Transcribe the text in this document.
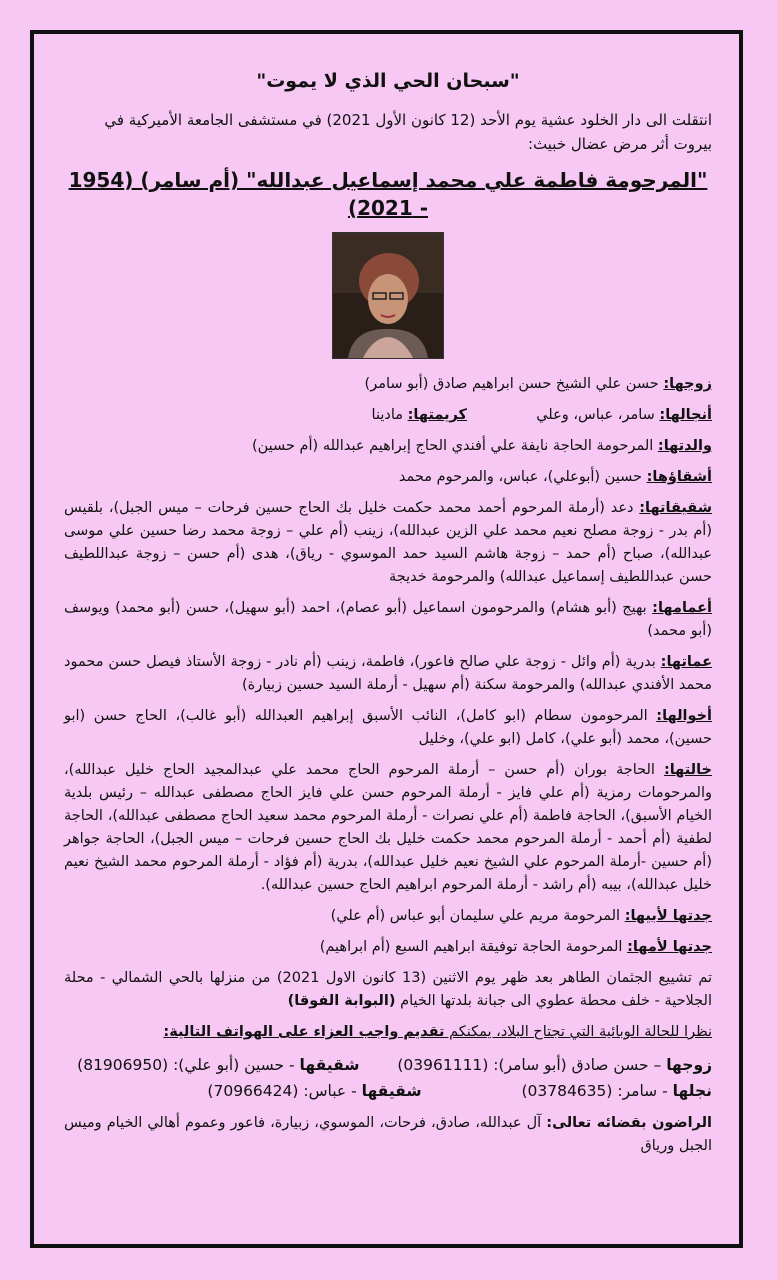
"سبحان الحي الذي لا يموت"

انتقلت الى دار الخلود عشية يوم الأحد (12 كانون الأول 2021) في مستشفى الجامعة الأميركية في بيروت أثر مرض عضال خبيث:

"المرحومة فاطمة علي محمد إسماعيل عبدالله" (أم سامر) (1954 - 2021)

زوجها: حسن علي الشيخ حسن ابراهيم صادق (أبو سامر)

أنجالها: سامر، عباس، وعلي  كريمتها: مادينا

والدتها: المرحومة الحاجة نايفة علي أفندي الحاج إبراهيم عبدالله (أم حسين)

أشقاؤها: حسين (أبوعلي)، عباس، والمرحوم محمد

شقيقاتها: دعد (أرملة المرحوم أحمد محمد حكمت خليل بك الحاج حسين فرحات – ميس الجبل)، بلقيس (أم بدر - زوجة مصلح نعيم محمد علي الزين عبدالله)، زينب (أم علي – زوجة محمد رضا حسين علي موسى عبدالله)، صباح (أم حمد – زوجة هاشم السيد حمد الموسوي - رياق)، هدى (أم حسن – زوجة عبداللطيف حسن عبداللطيف إسماعيل عبدالله) والمرحومة خديجة

أعمامها: بهيج (أبو هشام) والمرحومون اسماعيل (أبو عصام)، احمد (أبو سهيل)، حسن (أبو محمد) ويوسف (أبو محمد)

عماتها: بدرية (أم وائل - زوجة علي صالح فاعور)، فاطمة، زينب (أم نادر - زوجة الأستاذ فيصل حسن محمود محمد الأفندي عبدالله) والمرحومة سكنة (أم سهيل - أرملة السيد حسين زبيارة)

أخوالها: المرحومون سطام (ابو كامل)، النائب الأسبق إبراهيم العبدالله (أبو غالب)، الحاج حسن (ابو حسين)، محمد (أبو علي)، كامل (ابو علي)، وخليل

خالتها: الحاجة بوران (أم حسن – أرملة المرحوم الحاج محمد علي عبدالمجيد الحاج خليل عبدالله)، والمرحومات رمزية (أم علي فايز - أرملة المرحوم حسن علي فايز الحاج مصطفى عبدالله – رئيس بلدية الخيام الأسبق)، الحاجة فاطمة (أم علي نصرات - أرملة المرحوم محمد سعيد الحاج مصطفى عبدالله)، الحاجة لطفية (أم أحمد - أرملة المرحوم محمد حكمت خليل بك الحاج حسين فرحات – ميس الجبل)، الحاجة جواهر (أم حسين -أرملة المرحوم علي الشيخ نعيم خليل عبدالله)، بدرية (أم فؤاد - أرملة المرحوم محمد الشيخ نعيم خليل عبدالله)، بيبه (أم راشد - أرملة المرحوم ابراهيم الحاج حسين عبدالله).

جدتها لأبيها: المرحومة مريم علي سليمان أبو عباس (أم علي)

جدتها لأمها: المرحومة الحاجة توفيقة ابراهيم السبع (أم ابراهيم)

تم تشييع الجثمان الطاهر بعد ظهر يوم الاثنين (13 كانون الاول 2021) من منزلها بالحي الشمالي - محلة الجلاحية - خلف محطة عطوي الى جبانة بلدتها الخيام (البوابة الفوقا)

نظرا للحالة الوبائية التي تجتاح البلاد، يمكنكم تقديم واجب العزاء على الهواتف التالية:

زوجها – حسن صادق (أبو سامر): (03961111)  شقيقها - حسين (أبو علي): (81906950)

نجلها - سامر: (03784635)  شقيقها - عباس: (70966424)

الراضون بقضائه تعالى: آل عبدالله، صادق، فرحات، الموسوي، زبيارة، فاعور وعموم أهالي الخيام وميس الجبل ورياق
